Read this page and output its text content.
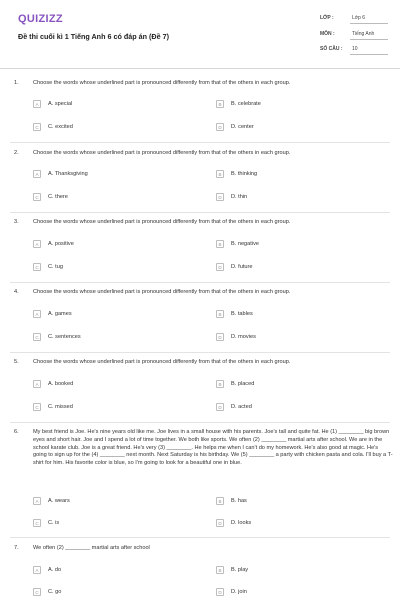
QUIZIZZ
Đề thi cuối kì 1 Tiếng Anh 6 có đáp án (Đề 7)
LỚP :	Lớp 6
MÔN :	Tiếng Anh
SỐ CÂU : 10
1.	Choose the words whose underlined part is pronounced differently from that of the others in each group.
A	A. special	B	B. celebrate
C	C. excited	D	D. center
2.	Choose the words whose underlined part is pronounced differently from that of the others in each group.
A	A. Thanksgiving	B	B. thinking
C	C. there	D	D. thin
3.	Choose the words whose underlined part is pronounced differently from that of the others in each group.
A	A. positive	B	B. negative
C	C. tug	D	D. future
4.	Choose the words whose underlined part is pronounced differently from that of the others in each group.
A	A. games	B	B. tables
C	C. sentences	D	D. movies
5.	Choose the words whose underlined part is pronounced differently from that of the others in each group.
A	A. booked	B	B. placed
C	C. missed	D	D. acted
6.	My best friend is Joe. He's nine years old like me. Joe lives in a small house with his parents. Joe's tall and quite fat. He (1) ________ big brown eyes and short hair. Joe and I spend a lot of time together. We both like sports. We often (2) ________ martial arts after school. We are in the school karate club. Joe is a great friend. He's very (3) ________. He helps me when I can't do my homework. He's also good at magic. He's going to sign up for the (4) ________ next month. Next Saturday is his birthday. We (5) ________ a party with chicken pasta and cola. I'll buy a T-shirt for him. His favorite color is blue, so I'm going to look for a beautiful one in blue.
A	A. wears	B	B. has
C	C. is	D	D. looks
7.	We often (2) ________ martial arts after school
A	A. do	B	B. play
C	C. go	D	D. join
